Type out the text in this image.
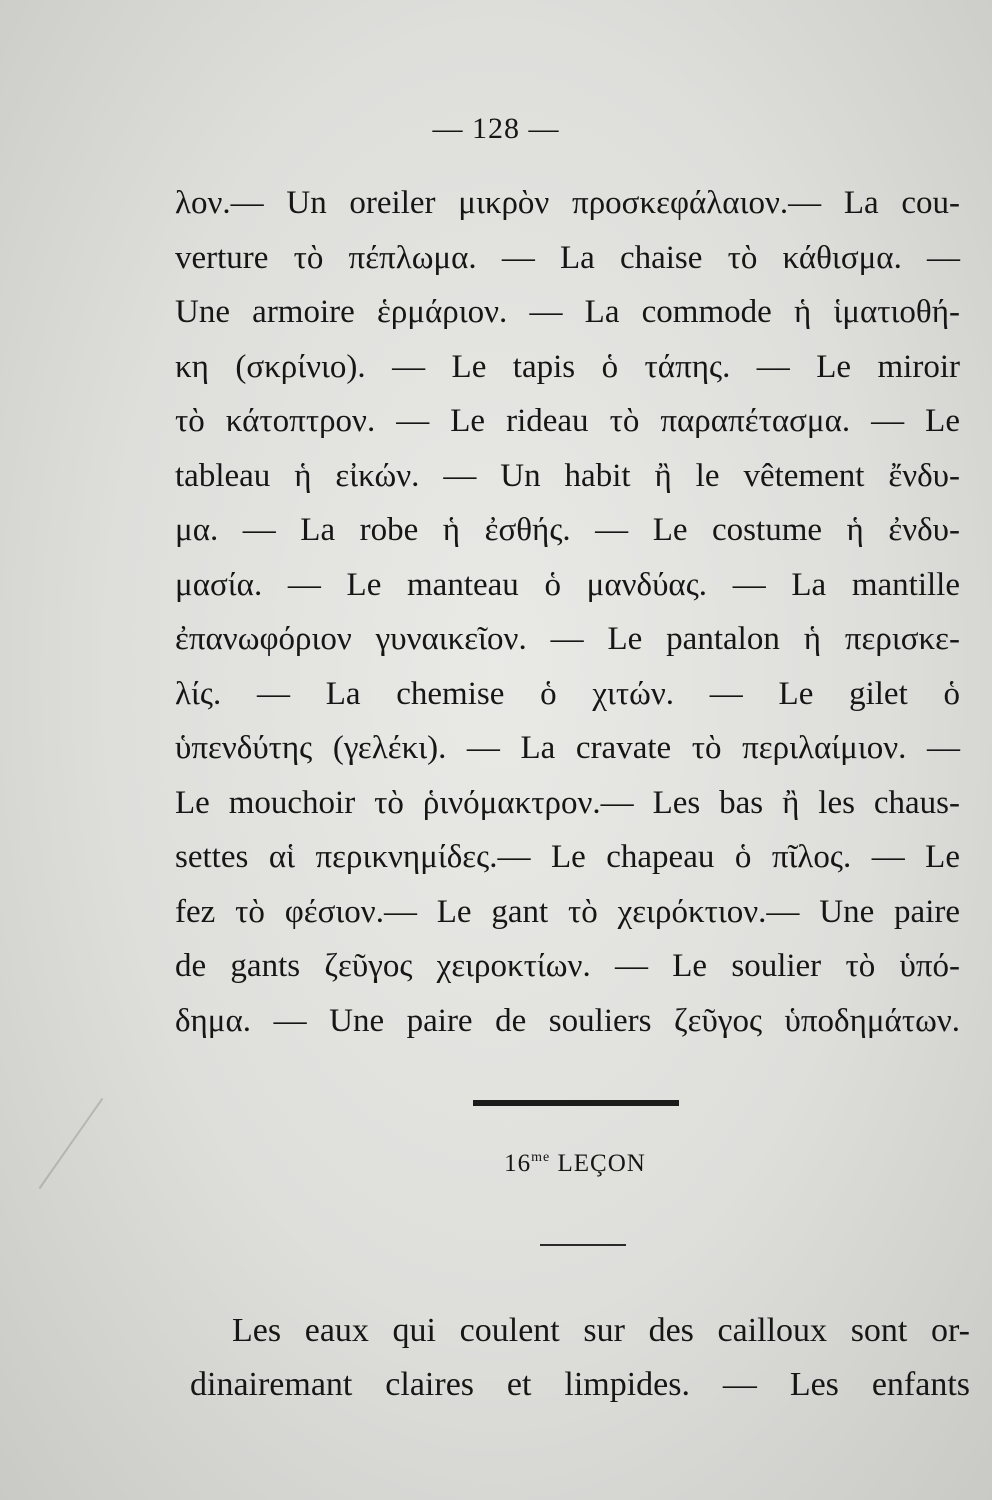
— 128 —
λον.— Un oreiler μικρὸν προσκεφάλαιον.— La cou-
verture τὸ πέπλωμα. — La chaise τὸ κάθισμα. —
Une armoire ἑρμάριον. — La commode ἡ ἱματιοθή-
κη (σκρίνιο). — Le tapis ὁ τάπης. — Le miroir
τὸ κάτοπτρον. — Le rideau τὸ παραπέτασμα. — Le
tableau ἡ εἰκών. — Un habit ἢ le vêtement ἔνδυ-
μα. — La robe ἡ ἐσθής. — Le costume ἡ ἐνδυ-
μασία. — Le manteau ὁ μανδύας. — La mantille
ἐπανωφόριον γυναικεῖον. — Le pantalon ἡ περισκε-
λίς. — La chemise ὁ χιτών. — Le gilet ὁ
ὑπενδύτης (γελέκι). — La cravate τὸ περιλαίμιον. —
Le mouchoir τὸ ῥινόμακτρον.— Les bas ἢ les chaus-
settes αἱ περικνημίδες.— Le chapeau ὁ πῖλος. — Le
fez τὸ φέσιον.— Le gant τὸ χειρόκτιον.— Une paire
de gants ζεῦγος χειροκτίων. — Le soulier τὸ ὑπό-
δημα. — Une paire de souliers ζεῦγος ὑποδημάτων.
$16^{me}$ LEÇON
Les eaux qui coulent sur des cailloux sont or-
dinairemant claires et limpides. — Les enfants
